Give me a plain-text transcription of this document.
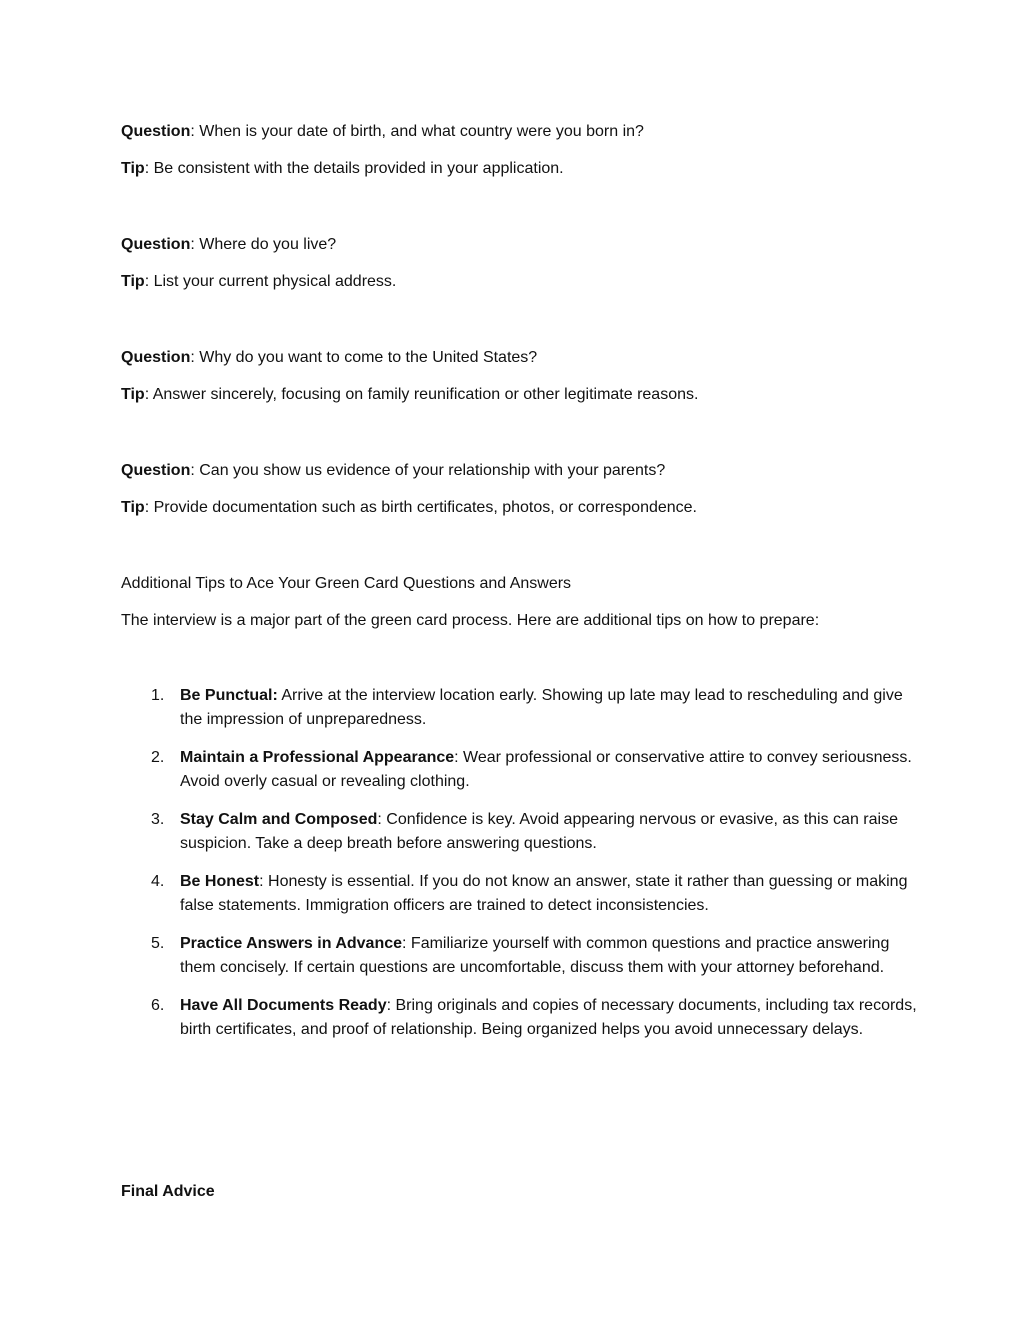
Question: When is your date of birth, and what country were you born in?
Tip: Be consistent with the details provided in your application.
Question: Where do you live?
Tip: List your current physical address.
Question: Why do you want to come to the United States?
Tip: Answer sincerely, focusing on family reunification or other legitimate reasons.
Question: Can you show us evidence of your relationship with your parents?
Tip: Provide documentation such as birth certificates, photos, or correspondence.
Additional Tips to Ace Your Green Card Questions and Answers
The interview is a major part of the green card process. Here are additional tips on how to prepare:
1. Be Punctual: Arrive at the interview location early. Showing up late may lead to rescheduling and give the impression of unpreparedness.
2. Maintain a Professional Appearance: Wear professional or conservative attire to convey seriousness. Avoid overly casual or revealing clothing.
3. Stay Calm and Composed: Confidence is key. Avoid appearing nervous or evasive, as this can raise suspicion. Take a deep breath before answering questions.
4. Be Honest: Honesty is essential. If you do not know an answer, state it rather than guessing or making false statements. Immigration officers are trained to detect inconsistencies.
5. Practice Answers in Advance: Familiarize yourself with common questions and practice answering them concisely. If certain questions are uncomfortable, discuss them with your attorney beforehand.
6. Have All Documents Ready: Bring originals and copies of necessary documents, including tax records, birth certificates, and proof of relationship. Being organized helps you avoid unnecessary delays.
Final Advice
